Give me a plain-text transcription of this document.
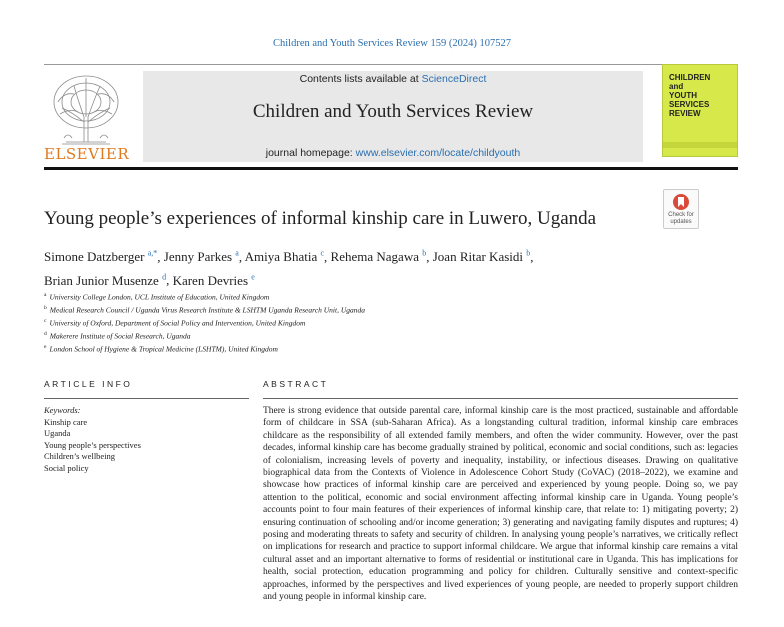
Children and Youth Services Review 159 (2024) 107527
ELSEVIER
Contents lists available at ScienceDirect
Children and Youth Services Review
journal homepage: www.elsevier.com/locate/childyouth
CHILDREN
and
YOUTH
SERVICES
REVIEW
Young people’s experiences of informal kinship care in Luwero, Uganda	Check for updates
Simone Datzberger $^{a,*}$, Jenny Parkes $^a$, Amiya Bhatia $^c$, Rehema Nagawa $^b$, Joan Ritar Kasidi $^b$,
Brian Junior Musenze $^d$, Karen Devries $^e$
$^a$ University College London, UCL Institute of Education, United Kingdom
$^b$ Medical Research Council / Uganda Virus Research Institute & LSHTM Uganda Research Unit, Uganda
$^c$ University of Oxford, Department of Social Policy and Intervention, United Kingdom
$^d$ Makerere Institute of Social Research, Uganda
$^e$ London School of Hygiene & Tropical Medicine (LSHTM), United Kingdom
ARTICLE INFO
Keywords:
Kinship care
Uganda
Young people’s perspectives
Children’s wellbeing
Social policy
ABSTRACT

There is strong evidence that outside parental care, informal kinship care is the most practiced, sustainable and affordable form of childcare in SSA (sub-Saharan Africa). As a longstanding cultural tradition, informal kinship care embraces childcare as the responsibility of all extended family members, and often the wider community. However, over the past decades, informal kinship care has become gradually strained by political, economic and social conditions, such as: legacies of colonialism, increasing levels of poverty and inequality, instability, or infectious diseases. Drawing on qualitative biographical data from the Contexts of Violence in Adolescence Cohort Study (CoVAC) (2018–2022), we examine and showcase how practices of informal kinship care are perceived and experienced by young people. Doing so, we pay attention to the political, economic and social environment affecting informal kinship care in Uganda. Young people’s accounts point to four main features of their experiences of informal kinship care, that relate to: 1) mitigating poverty; 2) ensuring continuation of schooling and/or income generation; 3) generating and navigating family disputes and ruptures; 4) posing and moderating threats to safety and security of children. In analysing young people’s narratives, we critically reflect on implications for research and practice to support informal childcare. We argue that informal kinship care remains a vital cultural asset and an important alternative to forms of residential or institutional care in Uganda. This has implications for health, social protection, education programming and policy for children. Culturally sensitive and context-specific approaches, informed by the perspectives and lived experiences of young people, are needed to properly support children and young people in informal kinship care.
